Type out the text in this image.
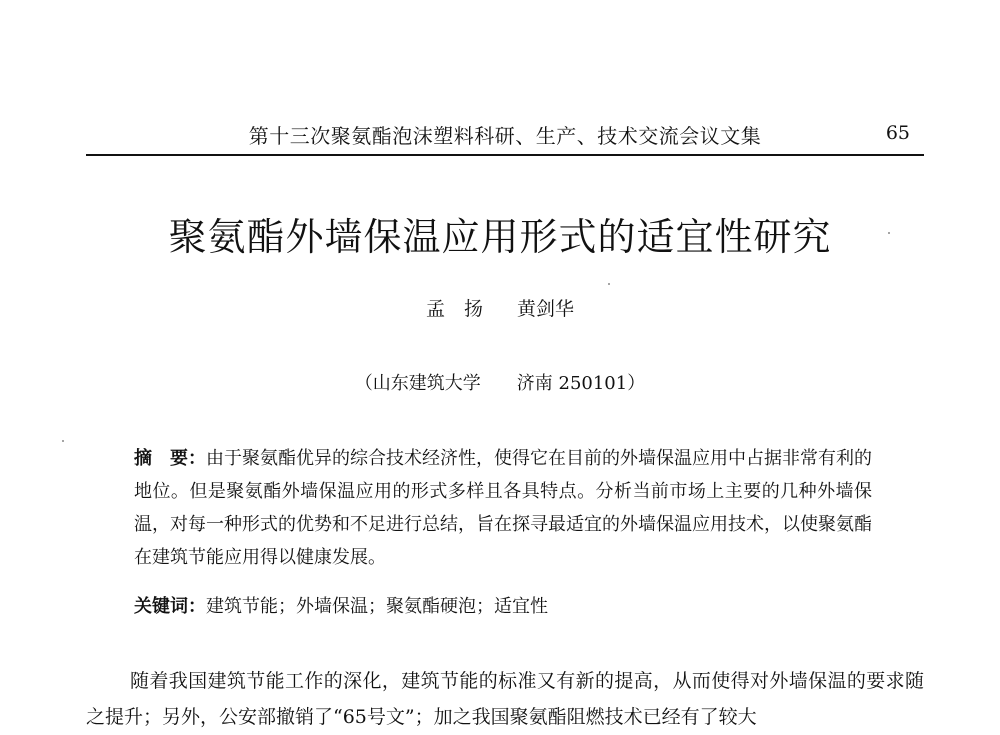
第十三次聚氨酯泡沫塑料科研、生产、技术交流会议文集	65
聚氨酯外墙保温应用形式的适宜性研究
孟　扬 黄剑华
（山东建筑大学　　济南 250101）
摘　要：由于聚氨酯优异的综合技术经济性，使得它在目前的外墙保温应用中占据非常有利的地位。但是聚氨酯外墙保温应用的形式多样且各具特点。分析当前市场上主要的几种外墙保温，对每一种形式的优势和不足进行总结，旨在探寻最适宜的外墙保温应用技术，以使聚氨酯在建筑节能应用得以健康发展。
关键词：建筑节能；外墙保温；聚氨酯硬泡；适宜性
随着我国建筑节能工作的深化，建筑节能的标准又有新的提高，从而使得对外墙保温的要求随之提升；另外，公安部撤销了“65号文”；加之我国聚氨酯阻燃技术已经有了较大
